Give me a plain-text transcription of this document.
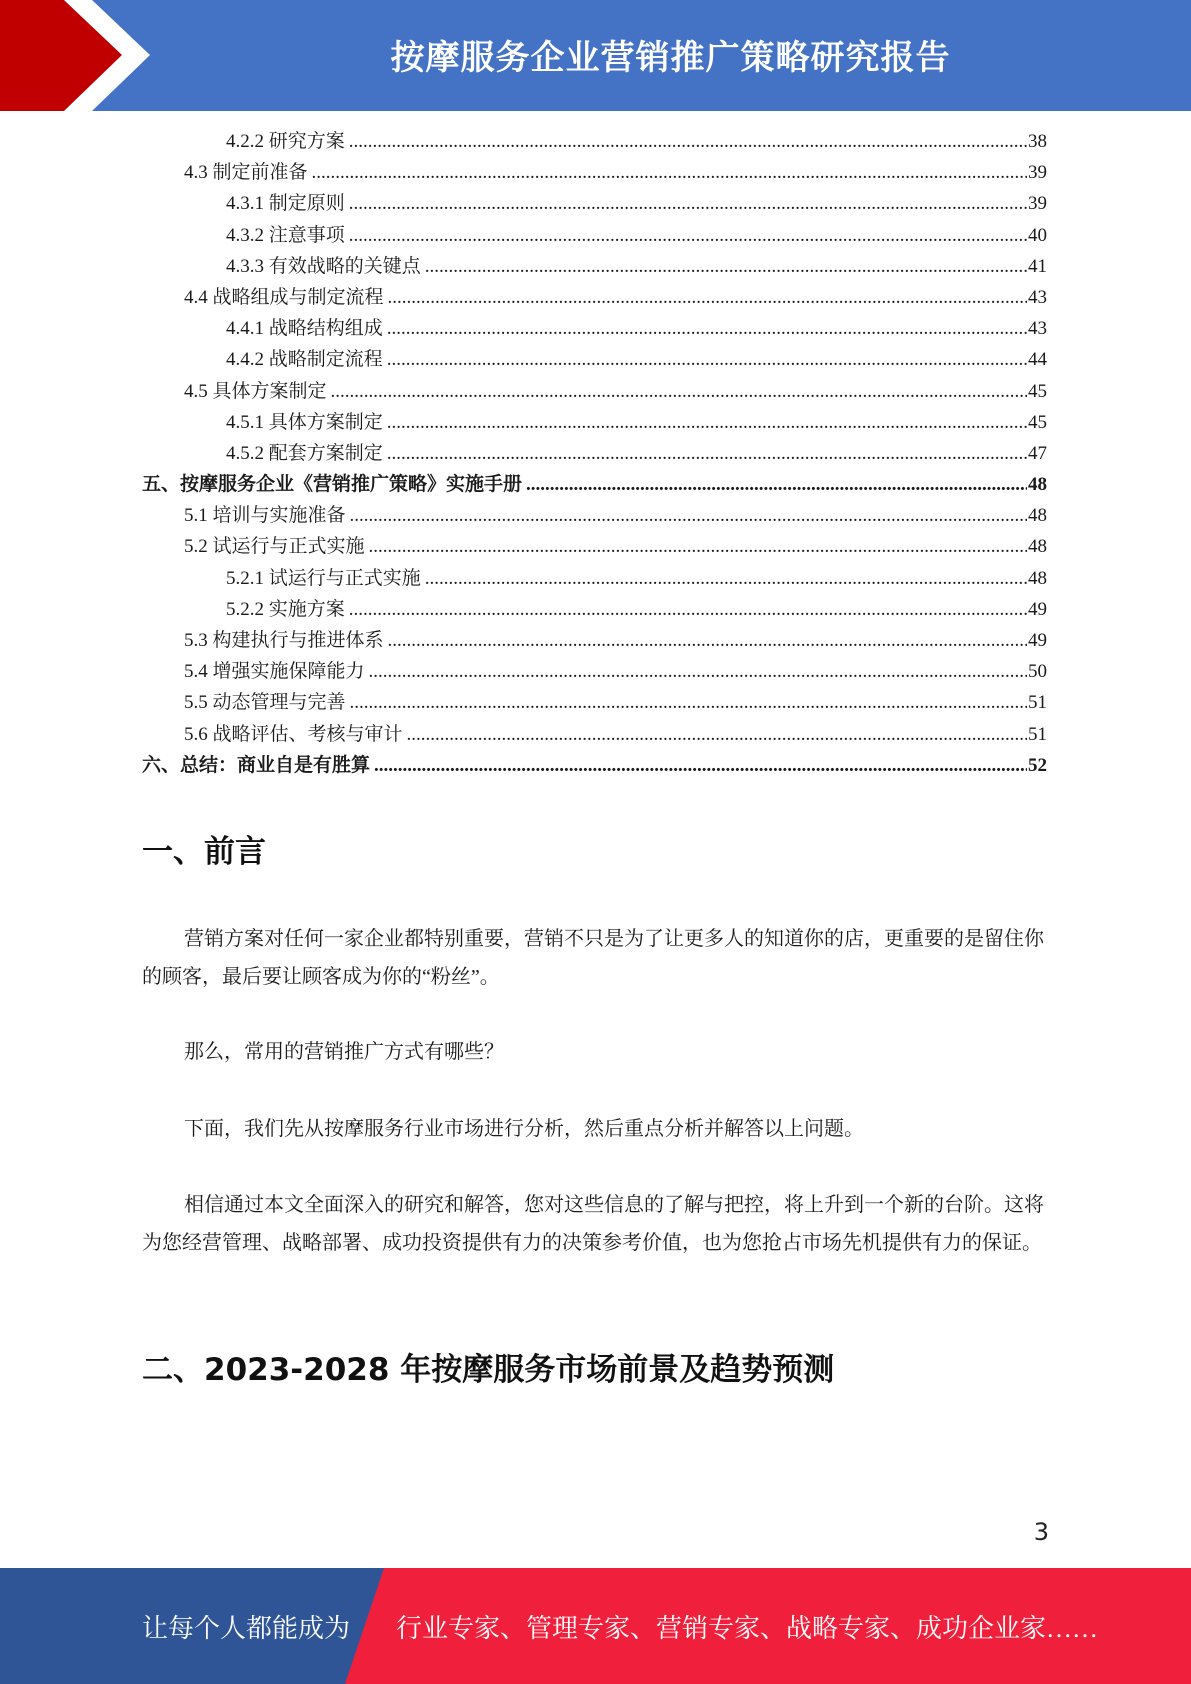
按摩服务企业营销推广策略研究报告
4.2.2 研究方案 .....	38
4.3 制定前准备 .....	39
4.3.1 制定原则 .....	39
4.3.2 注意事项 .....	40
4.3.3 有效战略的关键点 .....	41
4.4 战略组成与制定流程 .....	43
4.4.1 战略结构组成 .....	43
4.4.2 战略制定流程 .....	44
4.5 具体方案制定 .....	45
4.5.1 具体方案制定 .....	45
4.5.2 配套方案制定 .....	47
五、按摩服务企业《营销推广策略》实施手册 .....	48
5.1 培训与实施准备 .....	48
5.2 试运行与正式实施 .....	48
5.2.1 试运行与正式实施 .....	48
5.2.2 实施方案 .....	49
5.3 构建执行与推进体系 .....	49
5.4 增强实施保障能力 .....	50
5.5 动态管理与完善 .....	51
5.6 战略评估、考核与审计 .....	51
六、总结：商业自是有胜算 .....	52
一、前言

营销方案对任何一家企业都特别重要，营销不只是为了让更多人的知道你的店，更重要的是留住你的顾客，最后要让顾客成为你的“粉丝”。

那么，常用的营销推广方式有哪些？

下面，我们先从按摩服务行业市场进行分析，然后重点分析并解答以上问题。

相信通过本文全面深入的研究和解答，您对这些信息的了解与把控，将上升到一个新的台阶。这将为您经营管理、战略部署、成功投资提供有力的决策参考价值，也为您抢占市场先机提供有力的保证。

二、2023-2028 年按摩服务市场前景及趋势预测
3
让每个人都能成为 行业专家、管理专家、营销专家、战略专家、成功企业家……
